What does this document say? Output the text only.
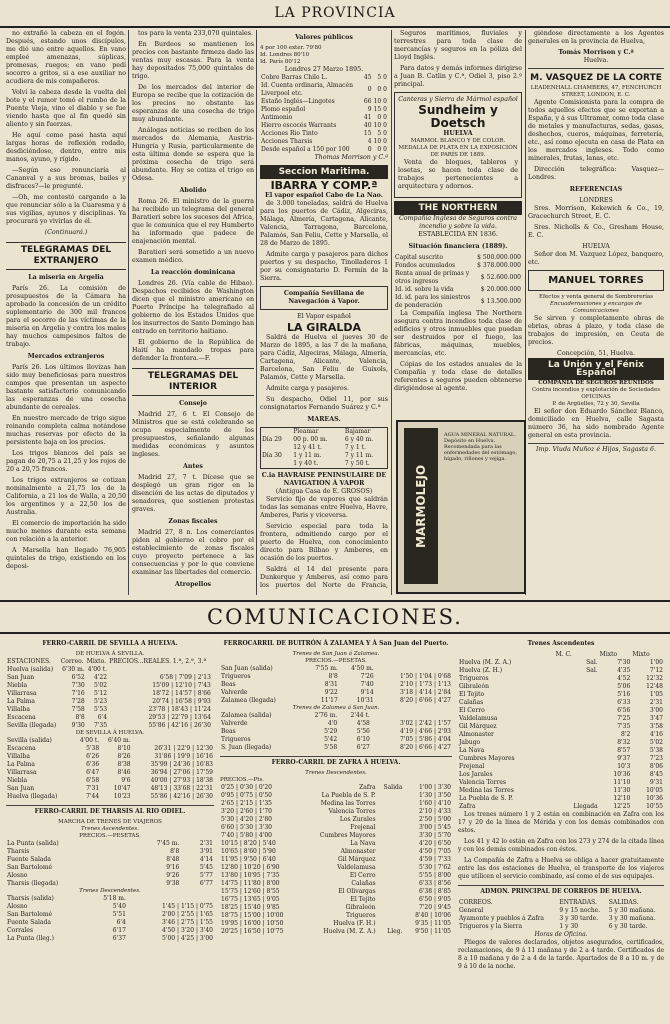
LA PROVINCIA

no extrañó la cabeza en el fogón. Después, estando unos discípulos, me dió uno entre aquellos. En vano empleé amenazas, súplicas, promesas, ruegos; en vano pedí socorro a gritos, si a ese auxiliar no acudiera de mis compañeros.

Volví la cabeza desde la vuelta del bote y el rumor tomó el rumbo de la Puente Vieja, vino el diablo y se fue viendo hasta que al fin quedó sin aliento y sin fuerzas.

He aquí como pasé hasta aquí largas horas de reflexión rodado, desdiciéndose, dentro, entre mis manos, ayuno, y rígido.

—Según eso renunciaría al Cananval y a sus bromas, bailes y disfraces?—le pregunté.

—Oh, me contestó cargando a la que renunciar sólo a la Cuaresma y á sus vigilias, ayunos y disciplinas. Ya procurará yo vivirlas de él.

(Continuará.)
TELEGRAMAS DEL EXTRANJERO
La miseria en Argelia

París 26. La comisión de presupuestos de la Cámara ha aprobado la concesión de un crédito suplementario de 300 mil francos para el socorro de las víctimas de la miseria en Argelia y contra los males hay muchos campesinos faltos de trabajo.

Mercados extranjeros

París 26. Los últimos llovizas han sido muy beneficiosas para nuestros campos que presentan un aspecto bastante satisfactorio comunicando las esperanzas de una cosecha abundante de cereales.

En nuestro mercado de trigo sigue reinando completa calma notándose muchas reservas por efecto de la persistente baja en los precios.

Los trigos blancos del país se pagan de 20,75 a 21,25 y los rojos de 20 a 20,75 francos.

Los trigos extranjeros se cotizan nominalmente a 21,75 los de la California, a 21 los de Walla, a 20,50 los argentinos y a 22,50 los de Australia.

El comercio de importación ha sido mucho menos durante esta semana con relación a la anterior.

A Marsella han llegado 76,905 quintales de trigo, existiendo en los deposi-

tos para la venta 233,070 quintales.

En Burdeos se mantienen los precios con bastante firmeza dado las ventas muy escasas. Para la venta hay depositados 75,000 quintales de trigo.

De los mercados del interior de Europa se recibe que la cotización de los precios no obstante las esperanzas de una cosecha de trigo muy abundante.

Análogas noticias se reciben de los mercados de Alemania, Austria-Hungría y Rusia, particularmente de esta última donde se espera que la próxima cosecha de trigo será abundante. Hoy se cotiza el trigo en Odesa.

Abolido

Roma 26. El ministro de la guerra ha recibido un telegrama del general Baratieri sobre los sucesos del Africa, que le comunica que el rey Humberto ha informado que padece de enajenación mental.

Baratieri será sometido a un nuevo examen médico.

La reacción dominicana

Londres 26. (Vía cable de Hibao). Despachos recibidos de Washington dicen que el ministro americano en Puerto Príncipe ha telegrafiado al gobierno de los Estados Unidos que los insurrectos de Santo Domingo han entrado en territorio haitiano.

El gobierno de la República de Haití ha mandado tropas para defender la frontera.—F.

TELEGRAMAS DEL INTERIOR
Consejo

Madrid 27, 6 t. El Consejo de Ministros que se está celebrando se ocupa especialmente de los presupuestos, señalando algunas medidas económicas y asuntos ingleses.

Antes

Madrid 27, 7 t. Dícese que se desplegó un gran rigor en la disención de las actas de diputados y senadores, que sostienen protestas graves.

Zonas fiscales

Madrid 27, 8 n. Los comerciantes piden al gobierno el cobro por el establecimiento de zonas fiscales cuyo proyecto pertenece a las consecuencias y por lo que conviene examinar las libertades del comercio.

Atropellos

Valores públicos
4 por 100 exter. 79'80
Id. Londres 80'10
Id. París 80'12
Londres 27 Marzo 1895.
Cobre Barras Chile L.	45	5	0
Id. Cuenta ordinaria, Almacén Liverpool etc.	0	0	0
Estaño Inglés—Lingotes	66	10	0
Plomo español	9	15	0
Antimonio	41	0	0
Hierro escocés Warrants	40	10	0
Acciones Rio Tinto	15	5	0
Acciones Tharsis	4	10	0
Desde español a 150 por 100	0	0	0
Thomas Morrison y C.ª
Seccion Maritima.
IBARRA Y COMP.ª
El vapor español Cabo de La Nao.

de 3.000 toneladas, saldrá de Huelva para los puertos de Cádiz, Algeciras, Málaga, Almería, Cartagena, Alicante, Valencia, Tarragona, Barcelona, Palamós, San Feliu, Cette y Marsella, el 28 de Marzo de 1895.

Admite carga y pasajeros para dichos puertos y su despacho, Tinolladeros 1 por su consignatario D. Fermín de la Sierra.

Compañía Sevillana de Navegación á Vapor.
El Vapor español
LA GIRALDA

Saldrá de Huelva el jueves 30 de Marzo de 1895, a las 7 de la mañana, para Cádiz, Algeciras, Málaga, Almería, Cartagena, Alicante, Valencia, Barcelona, San Feliu de Guixols, Palamós, Cette y Marsella.

Admite carga y pasajeros.

Su despacho, Odiel 11, por sus consignatarios Fernando Suárez y C.ª

MAREAS.
	Pleamar	Bajamar
Día 29	00 p. 00 m.	6 y 40 m.
	12 y 41 t.	7 y 1 t.
Día 30	1 y 11 m.	7 y 11 m.
	1 y 40 t.	7 y 50 t.
C.ia HAVRAISE PENINSULAIRE DE NAVIGATION Á VAPOR
(Antigua Casa de E. GROSOS)

Servicio fijo de vapores que saldrán todas las semanas entre Huelva, Havre, Amberes, Paris y viceversa.

Servicio especial para toda la frontera, admitiendo cargo por el puerto de Huelva, con conocimiento directo para Bilbao y Amberes, en ocasión de los puertos.

Saldrá el 14 del presente para Dunkerque y Amberes, así como para los puertos del Norte de Francia,

Seguros marítimos, fluviales y terrestres para toda clase de mercancías y seguros en la póliza del Lloyd Inglés.

Para datos y demás informes dirigirse a Juan B. Catlin y C.ª, Odiel 3, piso 2.º principal.

Canteras y Sierra de Mármol español
Sundheim y Doetsch
HUELVA
MARMOL BLANCO Y DE COLOR. MEDALLA DE PLATA EN LA EXPOSICIÓN DE PARÍS DE 1889.

Venta de bloques, tableros y losetas, se hacen toda clase de trabajos pertenecientes a arquitectura y adornos.

THE NORTHERN
Compañía Inglesa de Seguros contra incendio y sobre la vida.
ESTABLECIDA EN 1836.
Situación financiera (1889).
Capital suscrito	$ 500.000.000
Fondos acumulados	$ 378.000.000
Renta anual de primas y otros ingresos	$ 52.600.000
Id. id. sobre la vida	$ 20.000.000
Id. id. para los siniestros de ponderación	$ 13.500.000

La Compañía inglesa The Northern asegura contra incendios toda clase de edificios y otros inmuebles que puedan ser destruidos por el fuego, las fábricas, máquinas, muebles, mercancías, etc.

Cópias de los estados anuales de la Compañía y toda clase de detalles referentes a seguros pueden obtenerse dirigiéndose al agente.

MARMOLEJO
AGUA MINERAL NATURAL. Depósito en Huelva. Recomendada para las enfermedades del estómago, hígado, riñones y vejiga.

giéndose directamente a los Agentes generales en la provincia de Huelva,

Tomás Morrison y C.ª
Huelva.
M. VASQUEZ DE LA CORTE
LEADENHALL CHAMBERS, 47, FENCHURCH STREET, LONDON, E. C.

Agente Comisionista para la compra de todos aquellos efectos que se exportan a España, y á sus Ultramar, como toda clase de metales y manufacturas, sedas, gasas, deshechos, cueros, máquinas, ferretería, etc., así como ejecuta en casa de Plata en los mercados ingleses. Todo como minerales, frutas, lanas, etc.

Dirección telegráfica: Vasquez—Londres.

REFERENCIAS
LONDRES

Sres. Morrison, Kekewich & Co., 19, Gracechurch Street, E. C.

Sres. Nicholls & Co., Gresham House, E. C.

HUELVA

Señor don M. Vazquez López, banquero, etc.

MANUEL TORRES
Efectos y venta general de Sombrererías
Encuadernaciones y encargos de Comunicaciones

Se sirven y completamente obras de ebrias, obras á plazo, y toda clase de trabajos de impresión, en Ceuta de precios.

Concepción, 51, Huelva.
La Unión y el Fénix Español
COMPAÑÍA DE SEGUROS REUNIDOS
Contra incendios y explotación de Sociedades
OFICINAS
P. de Argüelles, 72 y 30, Sevilla

El señor don Eduardo Sánchez Blanco, domiciliado en Huelva, calle Sagasta número 36, ha sido nombrado Agente general en esta provincia.

Imp. Viuda Muñoz é Hijos, Sagasta 6.
COMUNICACIONES.
FERRO-CARRIL DE SEVILLA A HUELVA.
DE HUELVA Á SEVILLA.
ESTACIONES.	Correo.	Mixto.	PRECIOS...REALES. 1.ª, 2.ª, 3.ª	
Huelva (salida)	6'30 m.	4'00 t.		
San Juan	6'52	4'22	6'58 | 7'09 | 2'13	
Niebla	7'30	5'02	15'09 | 12'10 | 7'43	
Villarrasa	7'16	5'12	18'72 | 14'57 | 8'66	
La Palma	7'28	5'23	20'74 | 16'58 | 9'93	
Villalba	7'58	5'53	23'78 | 18'43 | 11'24	
Escacena	8'8	6'4	29'53 | 22'79 | 13'64	
Sevilla (llegada)	9'30	7'35	55'86 | 42'16 | 26'30	
DE SEVILLA Á HUELVA.
Sevilla (salida)	4'00 t.	6'40 m.	
Escacena	5'38	8'10	26'31 | 22'9 | 12'30
Villalba	6'26	8'26	31'86 | 19'9 | 16'16
La Palma	6'36	8'38	35'99 | 24'36 | 16'83
Villarrasa	6'47	8'46	36'94 | 27'06 | 17'59
Niebla	6'58	9'6	40'00 | 27'93 | 18'38
San Juan	7'31	10'47	48'13 | 33'68 | 22'31
Huelva (llegada)	7'44	10'23	55'86 | 42'16 | 26'30
FERRO-CARRIL DE THARSIS AL RIO ODIEL.
MARCHA DE TRENES DE VIAJEROS
Trenes Ascendentes.
PRECIOS.—PESETAS.
La Punta (salida)	7'45 m.	2'31
Tharsis	8'8	3'91
Fuente Salada	8'48	4'14
San Bartolomé	9'16	5'45
Alosno	9'26	5'77
Tharsis (llegada)	9'38	6'77
Trenes Descendentes.
Tharsis (salida)	5'18 m.	
Alosno	5'40	1'45 | 1'15 | 0'75
San Bartolomé	5'51	2'00 | 2'55 | 1'65
Fuente Salada	6'4	3'46 | 2'75 | 1'55
Corrales	6'17	4'50 | 3'20 | 3'40
La Punta (lleg.)	6'37	5'00 | 4'25 | 3'00
FERROCARRIL DE BUITRÓN Á ZALAMEA Y Á San Juan del Puerto.
Trenes de San Juan á Zalamea.
PRECIOS.—PESETAS.
San Juan (salida)	7'55 m.	4'50 m.	
Trigueros	8'8	7'26	1'50 | 1'04 | 0'68
Beas	8'31	7'40	2'10 | 1'73 | 1'13
Valverde	9'22	9'14	3'18 | 4'14 | 2'84
Zalamea (llegada)	11'17	10'31	8'20 | 6'66 | 4'27
Trenes de Zalamea á San Juan.
Zalamea (salida)	2'76 m.	2'44 t.	
Valverde	4'0	4'58	3'02 | 2'42 | 1'57
Beas	5'29	5'56	4'19 | 4'66 | 2'93
Trigueros	5'42	6'10	7'05 | 5'86 | 4'04
S. Juan (llegada)	5'58	6'27	8'20 | 6'66 | 4'27
FERRO-CARRIL DE ZAFRA Á HUELVA.
Trenes Descendentes.
PRECIOS.—Pts.
0'25 | 0'30 | 0'20	Zafra	Salida	1'00 | 3'30
0'95 | 0'75 | 0'50	La Puebla de S. P.		1'30 | 3'50
2'65 | 2'15 | 1'35	Medina las Torres		1'60 | 4'10
3'20 | 2'60 | 1'70	Valencia Torres		2'10 | 4'33
5'30 | 4'20 | 2'80	Los Zurales		2'50 | 5'00
6'60 | 5'30 | 3'30	Frejenal		3'00 | 5'45
7'40 | 5'80 | 4'00	Cumbres Mayores		3'30 | 5'70
10'15 | 8'20 | 5'40	La Nava		4'20 | 6'50
10'65 | 8'60 | 5'90	Almonaster		4'50 | 7'05
11'95 | 9'50 | 6'40	Gil Márquez		4'59 | 7'33
12'80 | 10'20 | 6'90	Valdelamusa		5'30 | 7'62
13'80 | 10'95 | 7'35	El Cerro		5'55 | 8'00
14'75 | 11'80 | 8'00	Calañas		6'33 | 8'56
15'75 | 12'60 | 8'55	El Olivargas		6'38 | 8'85
16'75 | 13'65 | 9'05	El Tejito		6'50 | 9'05
18'25 | 15'40 | 9'85	Gibraleón		7'20 | 9'45
18'75 | 15'00 | 10'00	Trigueros		8'40 | 10'06
19'95 | 16'00 | 10'50	Huelva (F. H.)		9'35 | 11'05
20'25 | 16'50 | 10'75	Huelva (M. Z. A.)	Lleg.	9'50 | 11'05
Trenes Ascendentes
	M. C.	Mixto	Mixto
Huelva (M. Z. A.)	Sal.	7'30	1'00
Huelva (Z. H.)	Sal.	4'35	7'12
Trigueros		4'52	12'32
Gibraleón		5'06	12'48
El Tejito		5'16	1'05
Calañas		6'33	2'31
El Cerro		6'56	3'00
Valdelamusa		7'25	3'47
Gil Márquez		7'35	3'58
Almonaster		8'2	4'16
Jabugo		8'32	5'02
La Nava		8'57	5'38
Cumbres Mayores		9'37	7'23
Frejenal		10'3	8'06
Los Jarales		10'36	8'45
Valencia Torres		11'10	9'31
Medina las Torres		11'30	10'05
La Puebla de S. P.		12'10	10'36
Zafra	Llegada	12'25	10'55

Los trenes número 1 y 2 están en combinación en Zafra con los 17 y 20 de la línea de Mérida y con los demás combinados con estos.

Los 41 y 42 lo están en Zafra con los 273 y 274 de la citada línea y con los demás combinados con éstos.

La Compañía de Zafra a Huelva se obliga a hacer gratuitamente entre las dos estaciones de Huelva, el transporte de los viajeros que utilicen el servicio combinado, así como el de sus equipajes.

ADMON. PRINCIPAL DE CORREOS DE HUELVA.
CORREOS.	ENTRADAS.	SALIDAS.
General	9 y 15 noche.	5 y 30 mañana.
Ayamonte y pueblos á Zafra	3 y 30 tarde.	3 y 30 mañana.
Trigueros y la Sierra	1 y 30	6 y 30 tarde.
Horas de Oficina.

Pliegos de valores declarados, objetos asegurados, certificados, reclamaciones, de 9 á 11 mañana y de 2 a 4 tarde. Certificados de 8 a 10 mañana y de 2 a 4 de la tarde. Apartados de 8 a 10 m. y de 9 á 10 de la noche.
